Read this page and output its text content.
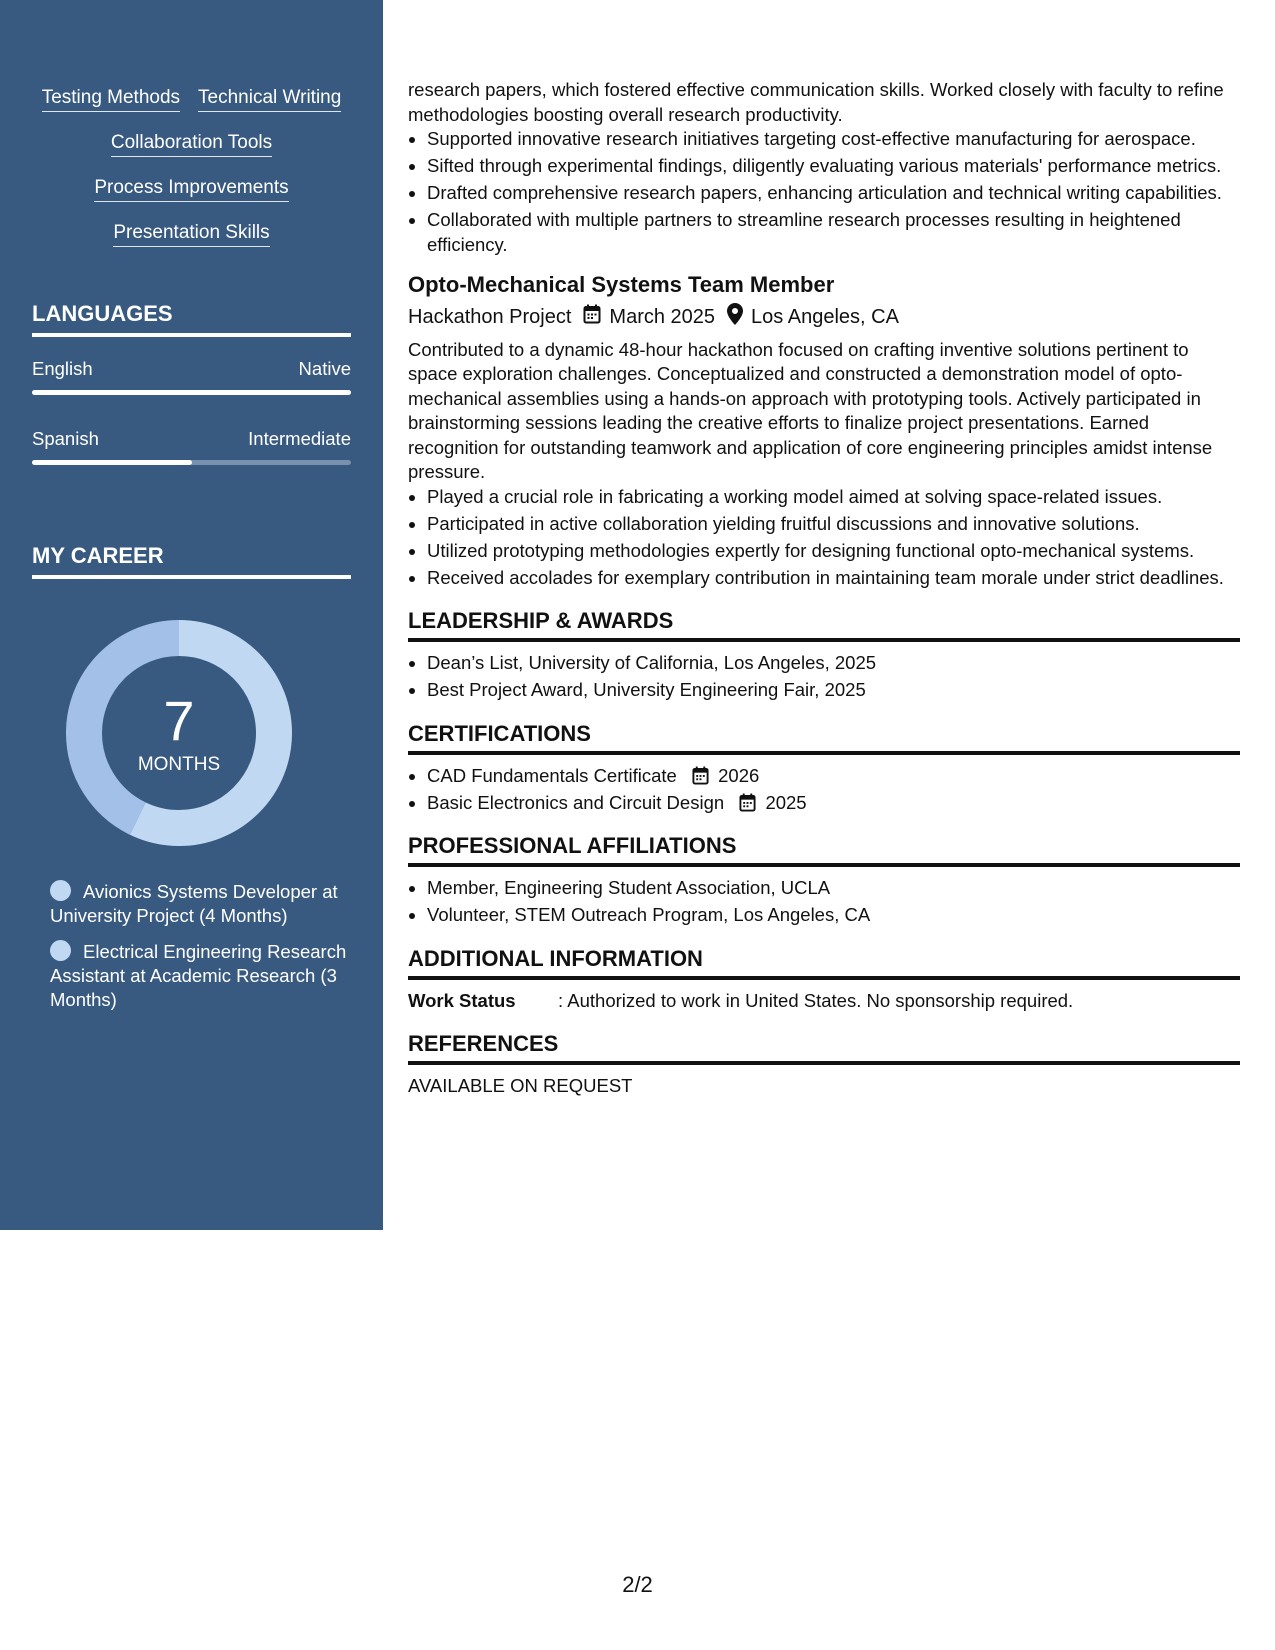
Testing Methods Technical Writing
Collaboration Tools
Process Improvements
Presentation Skills
LANGUAGES
English	Native
Spanish	Intermediate
MY CAREER
7
MONTHS
Avionics Systems Developer at University Project (4 Months)
Electrical Engineering Research Assistant at Academic Research (3 Months)

research papers, which fostered effective communication skills. Worked closely with faculty to refine methodologies boosting overall research productivity.

• Supported innovative research initiatives targeting cost-effective manufacturing for aerospace.
• Sifted through experimental findings, diligently evaluating various materials' performance metrics.
• Drafted comprehensive research papers, enhancing articulation and technical writing capabilities.
• Collaborated with multiple partners to streamline research processes resulting in heightened efficiency.
Opto-Mechanical Systems Team Member
Hackathon Project March 2025 Los Angeles, CA

Contributed to a dynamic 48-hour hackathon focused on crafting inventive solutions pertinent to space exploration challenges. Conceptualized and constructed a demonstration model of opto-mechanical assemblies using a hands-on approach with prototyping tools. Actively participated in brainstorming sessions leading the creative efforts to finalize project presentations. Earned recognition for outstanding teamwork and application of core engineering principles amidst intense pressure.

• Played a crucial role in fabricating a working model aimed at solving space-related issues.
• Participated in active collaboration yielding fruitful discussions and innovative solutions.
• Utilized prototyping methodologies expertly for designing functional opto-mechanical systems.
• Received accolades for exemplary contribution in maintaining team morale under strict deadlines.
LEADERSHIP & AWARDS
• Dean’s List, University of California, Los Angeles, 2025
• Best Project Award, University Engineering Fair, 2025
CERTIFICATIONS
• CAD Fundamentals Certificate 2026
• Basic Electronics and Circuit Design 2025
PROFESSIONAL AFFILIATIONS
• Member, Engineering Student Association, UCLA
• Volunteer, STEM Outreach Program, Los Angeles, CA
ADDITIONAL INFORMATION
Work Status	: Authorized to work in United States. No sponsorship required.
REFERENCES

AVAILABLE ON REQUEST

2/2
